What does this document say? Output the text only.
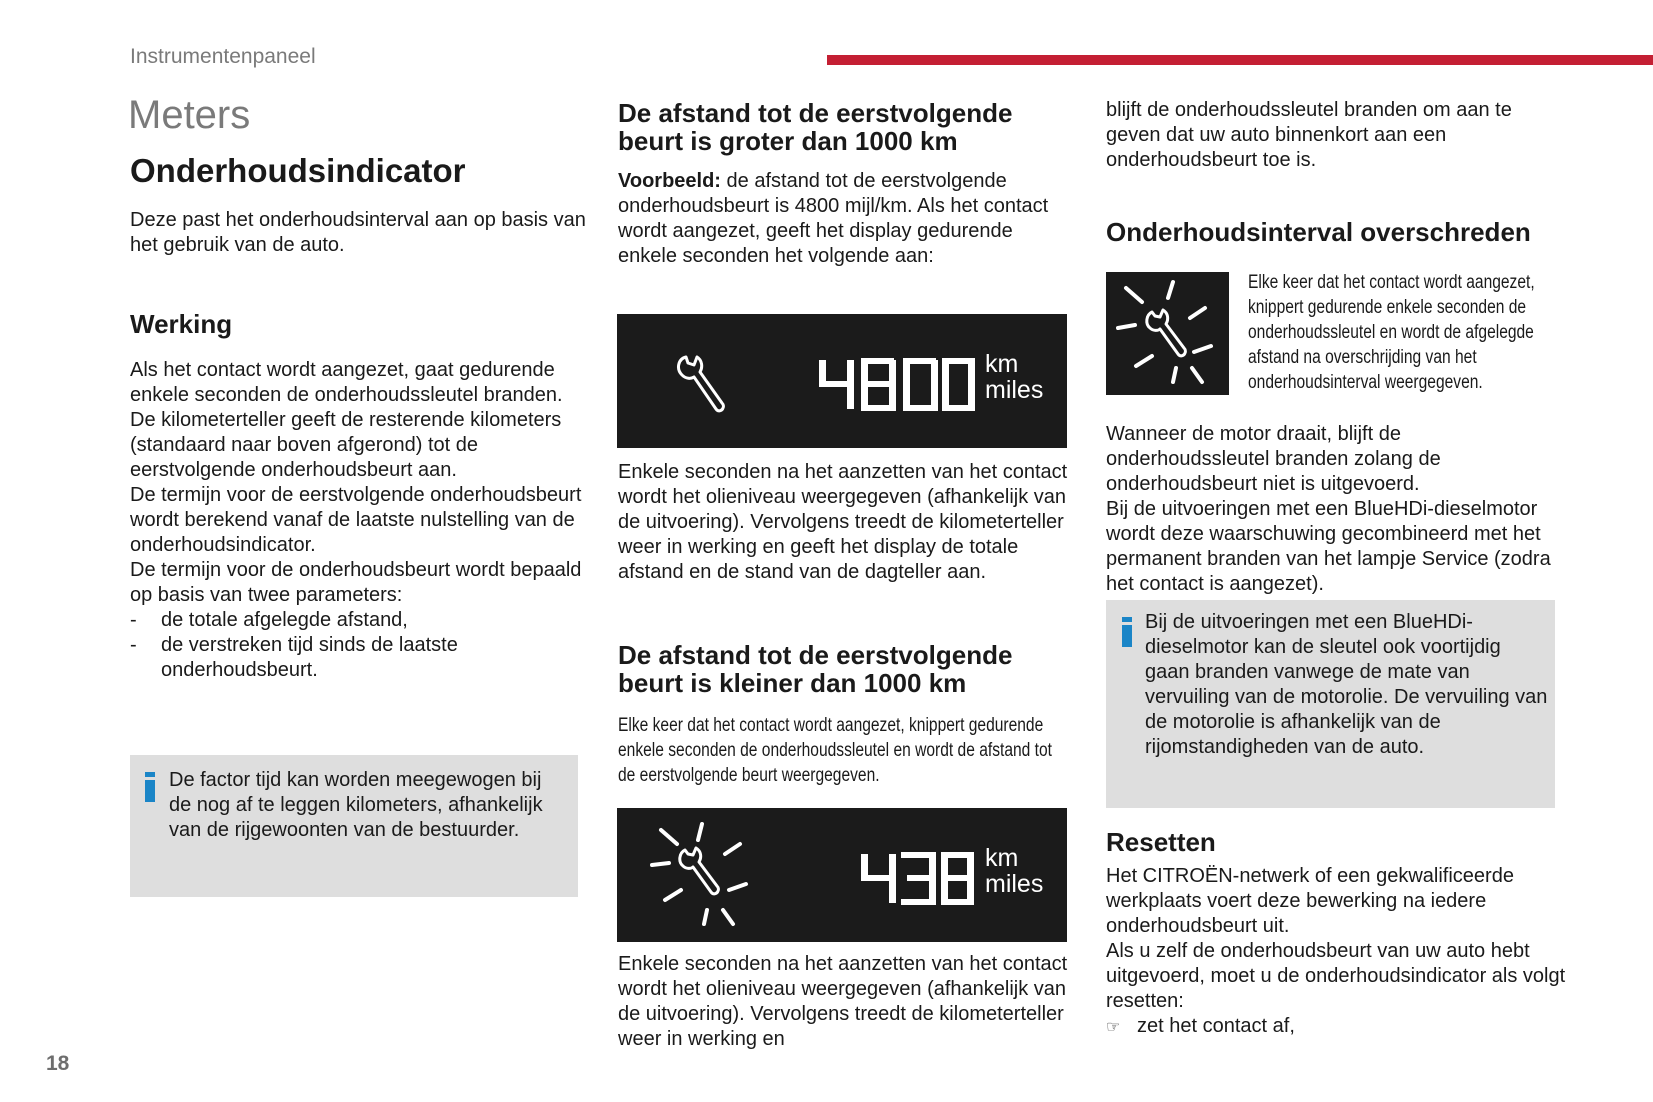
Instrumentenpaneel
Meters
Onderhoudsindicator

Deze past het onderhoudsinterval aan op basis van het gebruik van de auto.

Werking

Als het contact wordt aangezet, gaat gedurende enkele seconden de onderhoudssleutel branden. De kilometerteller geeft de resterende kilometers (standaard naar boven afgerond) tot de eerstvolgende onderhoudsbeurt aan.

De termijn voor de eerstvolgende onderhoudsbeurt wordt berekend vanaf de laatste nulstelling van de onderhoudsindicator.

De termijn voor de onderhoudsbeurt wordt bepaald op basis van twee parameters:

- de totale afgelegde afstand,
- de verstreken tijd sinds de laatste onderhoudsbeurt.

De factor tijd kan worden meegewogen bij de nog af te leggen kilometers, afhankelijk van de rijgewoonten van de bestuurder.

De afstand tot de eerstvolgende beurt is groter dan 1000 km

Voorbeeld: de afstand tot de eerstvolgende onderhoudsbeurt is 4800 mijl/km. Als het contact wordt aangezet, geeft het display gedurende enkele seconden het volgende aan:

4800	km
miles

Enkele seconden na het aanzetten van het contact wordt het olieniveau weergegeven (afhankelijk van de uitvoering). Vervolgens treedt de kilometerteller weer in werking en geeft het display de totale afstand en de stand van de dagteller aan.

De afstand tot de eerstvolgende beurt is kleiner dan 1000 km

Elke keer dat het contact wordt aangezet, knippert gedurende enkele seconden de onderhoudssleutel en wordt de afstand tot de eerstvolgende beurt weergegeven.

438	km
miles

Enkele seconden na het aanzetten van het contact wordt het olieniveau weergegeven (afhankelijk van de uitvoering). Vervolgens treedt de kilometerteller weer in werking en

blijft de onderhoudssleutel branden om aan te geven dat uw auto binnenkort aan een onderhoudsbeurt toe is.

Onderhoudsinterval overschreden

Elke keer dat het contact wordt aangezet, knippert gedurende enkele seconden de onderhoudssleutel en wordt de afgelegde afstand na overschrijding van het onderhoudsinterval weergegeven.

Wanneer de motor draait, blijft de onderhoudssleutel branden zolang de onderhoudsbeurt niet is uitgevoerd.

Bij de uitvoeringen met een BlueHDi-dieselmotor wordt deze waarschuwing gecombineerd met het permanent branden van het lampje Service (zodra het contact is aangezet).

Bij de uitvoeringen met een BlueHDi-dieselmotor kan de sleutel ook voortijdig gaan branden vanwege de mate van vervuiling van de motorolie. De vervuiling van de motorolie is afhankelijk van de rijomstandigheden van de auto.

Resetten

Het CITROËN-netwerk of een gekwalificeerde werkplaats voert deze bewerking na iedere onderhoudsbeurt uit.

Als u zelf de onderhoudsbeurt van uw auto hebt uitgevoerd, moet u de onderhoudsindicator als volgt resetten:

☞ zet het contact af,

18
